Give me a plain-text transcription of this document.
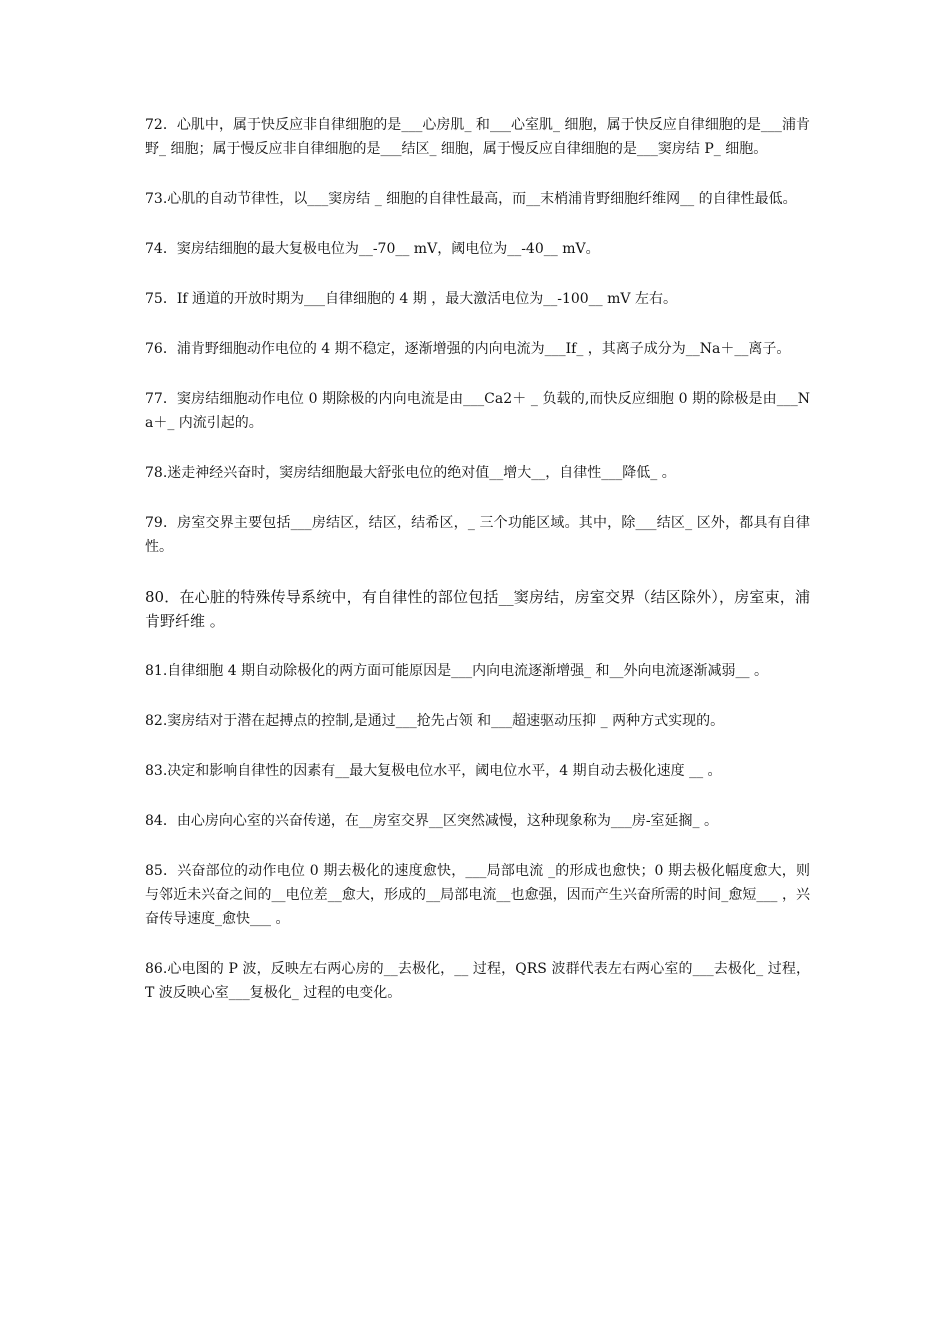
72．心肌中，属于快反应非自律细胞的是___心房肌_ 和___心室肌_ 细胞，属于快反应自律细胞的是___浦肯野_ 细胞；属于慢反应非自律细胞的是___结区_ 细胞，属于慢反应自律细胞的是___窦房结 P_ 细胞。

73.心肌的自动节律性，以___窦房结 _ 细胞的自律性最高，而__末梢浦肯野细胞纤维网__ 的自律性最低。

74．窦房结细胞的最大复极电位为__-70__ mV，阈电位为__-40__ mV。

75．If 通道的开放时期为___自律细胞的 4 期 ，最大激活电位为__-100__ mV 左右。

76．浦肯野细胞动作电位的 4 期不稳定，逐渐增强的内向电流为___If_ ，其离子成分为__Na＋__离子。

77．窦房结细胞动作电位 0 期除极的内向电流是由___Ca2＋ _ 负载的,而快反应细胞 0 期的除极是由___Na＋_ 内流引起的。

78.迷走神经兴奋时，窦房结细胞最大舒张电位的绝对值__增大__，自律性___降低_ 。

79．房室交界主要包括___房结区，结区，结希区，_ 三个功能区域。其中，除___结区_ 区外，都具有自律性。

80．在心脏的特殊传导系统中，有自律性的部位包括__窦房结，房室交界（结区除外），房室束，浦肯野纤维 。

81.自律细胞 4 期自动除极化的两方面可能原因是___内向电流逐渐增强_ 和__外向电流逐渐减弱__ 。

82.窦房结对于潜在起搏点的控制,是通过___抢先占领 和___超速驱动压抑 _ 两种方式实现的。

83.决定和影响自律性的因素有__最大复极电位水平，阈电位水平，4 期自动去极化速度 __ 。

84．由心房向心室的兴奋传递，在__房室交界__区突然减慢，这种现象称为___房-室延搁_ 。

85．兴奋部位的动作电位 0 期去极化的速度愈快，___局部电流 _的形成也愈快；0 期去极化幅度愈大，则与邻近未兴奋之间的__电位差__愈大，形成的__局部电流__也愈强，因而产生兴奋所需的时间_愈短___ ，兴奋传导速度_愈快___ 。

86.心电图的 P 波，反映左右两心房的__去极化，__ 过程，QRS 波群代表左右两心室的___去极化_ 过程，T 波反映心室___复极化_ 过程的电变化。
